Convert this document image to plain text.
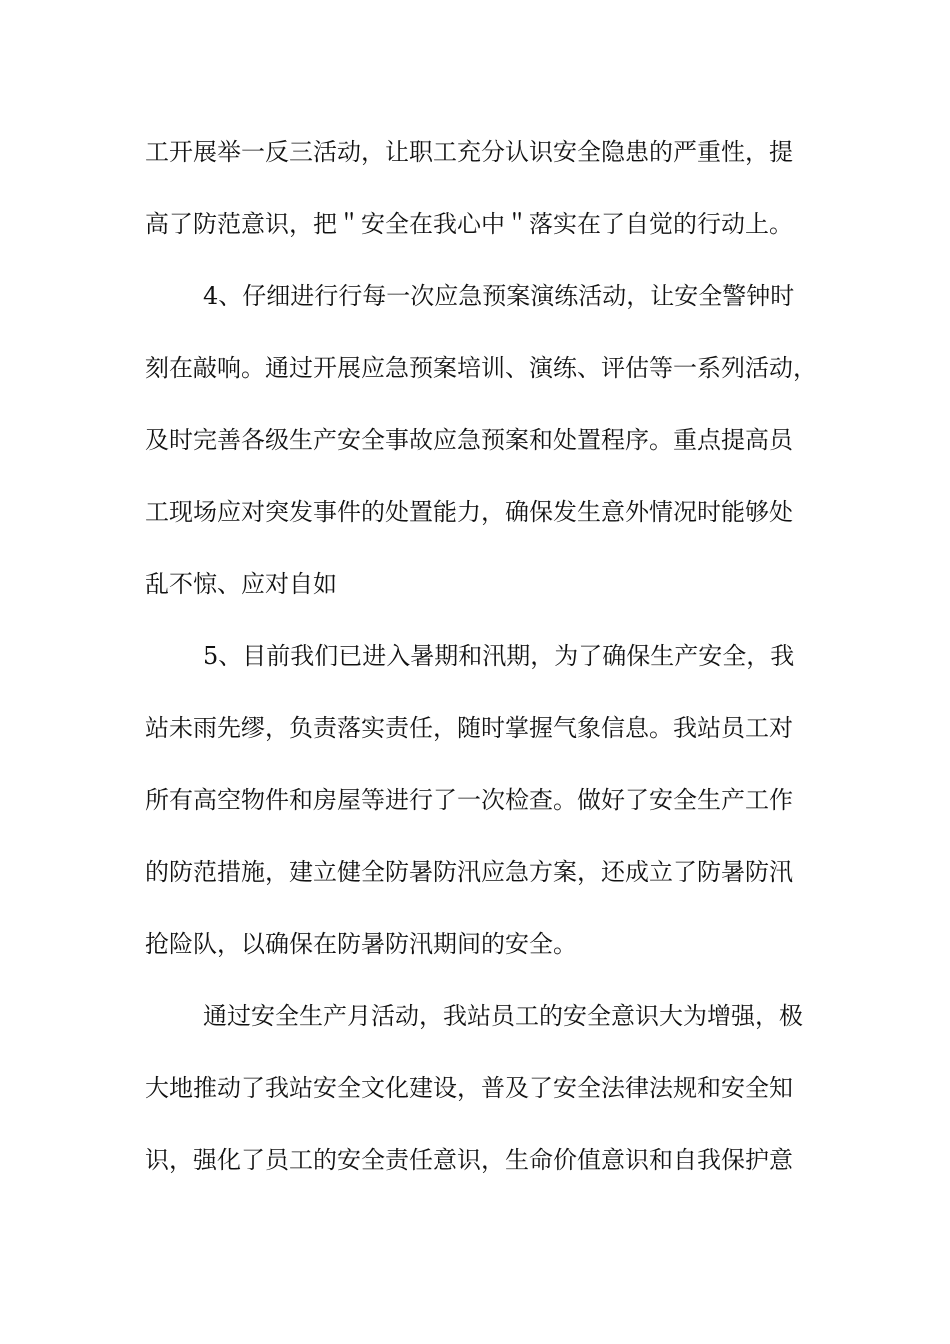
工开展举一反三活动，让职工充分认识安全隐患的严重性，提
高了防范意识，把＂安全在我心中＂落实在了自觉的行动上。
4、仔细进行行每一次应急预案演练活动，让安全警钟时
刻在敲响。通过开展应急预案培训、演练、评估等一系列活动，
及时完善各级生产安全事故应急预案和处置程序。重点提高员
工现场应对突发事件的处置能力，确保发生意外情况时能够处
乱不惊、应对自如
5、目前我们已进入暑期和汛期，为了确保生产安全，我
站未雨先缪，负责落实责任，随时掌握气象信息。我站员工对
所有高空物件和房屋等进行了一次检查。做好了安全生产工作
的防范措施，建立健全防暑防汛应急方案，还成立了防暑防汛
抢险队，以确保在防暑防汛期间的安全。
通过安全生产月活动，我站员工的安全意识大为增强，极
大地推动了我站安全文化建设，普及了安全法律法规和安全知
识，强化了员工的安全责任意识，生命价值意识和自我保护意
